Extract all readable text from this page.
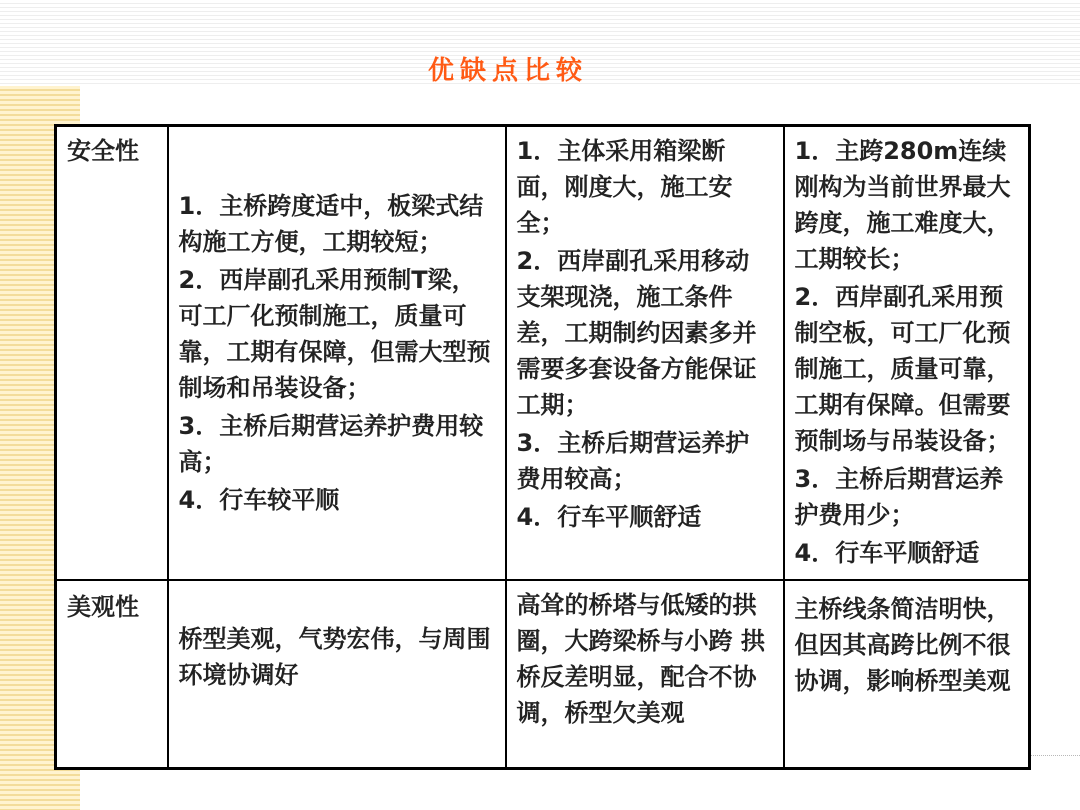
优缺点比较
安全性	1．主桥跨度适中，板梁式结构施工方便，工期较短；
2．西岸副孔采用预制T梁，可工厂化预制施工，质量可靠，工期有保障，但需大型预制场和吊装设备；
3．主桥后期营运养护费用较高；
4．行车较平顺	1．主体采用箱梁断面，刚度大，施工安全；
2．西岸副孔采用移动支架现浇，施工条件差，工期制约因素多并需要多套设备方能保证工期；
3．主桥后期营运养护费用较高；
4．行车平顺舒适	1．主跨280m连续刚构为当前世界最大跨度，施工难度大，工期较长；
2．西岸副孔采用预制空板，可工厂化预制施工，质量可靠，工期有保障。但需要预制场与吊装设备；
3．主桥后期营运养护费用少；
4．行车平顺舒适

美观性	桥型美观，气势宏伟，与周围环境协调好	高耸的桥塔与低矮的拱圈，大跨梁桥与小跨 拱桥反差明显，配合不协调，桥型欠美观	主桥线条简洁明快，但因其高跨比例不很协调，影响桥型美观
